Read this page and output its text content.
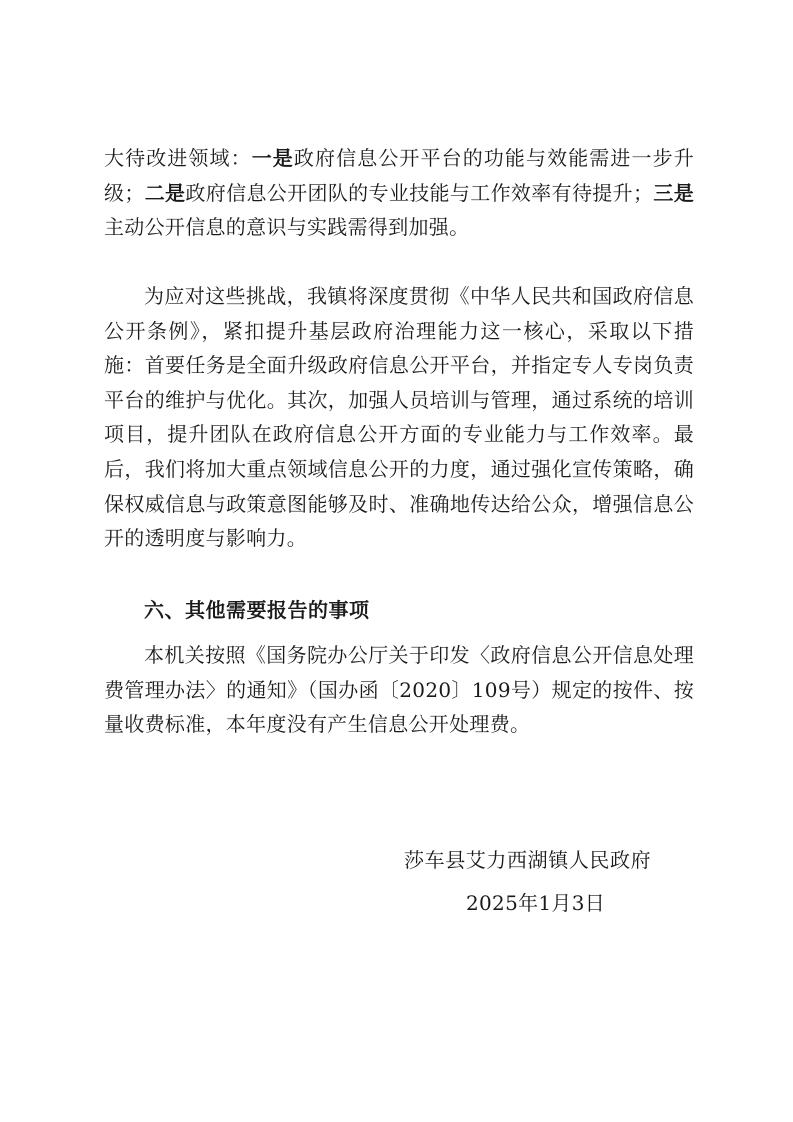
大待改进领域：一是政府信息公开平台的功能与效能需进一步升级；二是政府信息公开团队的专业技能与工作效率有待提升；三是主动公开信息的意识与实践需得到加强。

为应对这些挑战，我镇将深度贯彻《中华人民共和国政府信息公开条例》，紧扣提升基层政府治理能力这一核心，采取以下措施：首要任务是全面升级政府信息公开平台，并指定专人专岗负责平台的维护与优化。其次，加强人员培训与管理，通过系统的培训项目，提升团队在政府信息公开方面的专业能力与工作效率。最后，我们将加大重点领域信息公开的力度，通过强化宣传策略，确保权威信息与政策意图能够及时、准确地传达给公众，增强信息公开的透明度与影响力。

六、其他需要报告的事项

本机关按照《国务院办公厅关于印发〈政府信息公开信息处理费管理办法〉的通知》（国办函〔2020〕109号）规定的按件、按量收费标准，本年度没有产生信息公开处理费。

莎车县艾力西湖镇人民政府

2025年1月3日
